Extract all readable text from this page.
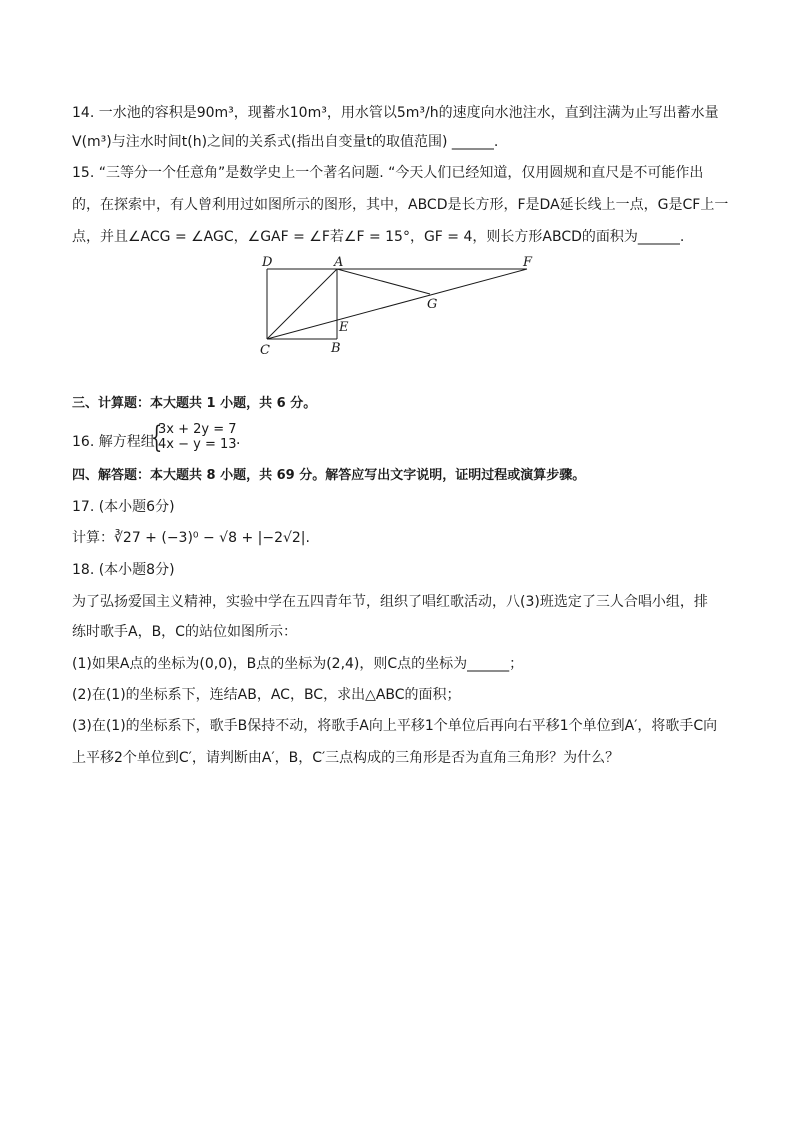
14. 一水池的容积是90m³，现蓄水10m³，用水管以5m³/h的速度向水池注水，直到注满为止写出蓄水量
V(m³)与注水时间t(h)之间的关系式(指出自变量t的取值范围) ______.
15. “三等分一个任意角”是数学史上一个著名问题. “今天人们已经知道，仅用圆规和直尺是不可能作出
的，在探索中，有人曾利用过如图所示的图形，其中，ABCD是长方形，F是DA延长线上一点，G是CF上一
点，并且∠ACG = ∠AGC，∠GAF = ∠F若∠F = 15°，GF = 4，则长方形ABCD的面积为______.
D	A	F
G
E
C	B
三、计算题：本大题共 1 小题，共 6 分。
16. 解方程组
{
3x + 2y = 7
4x − y = 13 .
四、解答题：本大题共 8 小题，共 69 分。解答应写出文字说明，证明过程或演算步骤。
17. (本小题6分)
计算：∛27 + (−3)⁰ − √8 + |−2√2|.
18. (本小题8分)
为了弘扬爱国主义精神，实验中学在五四青年节，组织了唱红歌活动，八(3)班选定了三人合唱小组，排
练时歌手A，B，C的站位如图所示：
(1)如果A点的坐标为(0,0)，B点的坐标为(2,4)，则C点的坐标为______；
(2)在(1)的坐标系下，连结AB，AC，BC，求出△ABC的面积；
(3)在(1)的坐标系下，歌手B保持不动，将歌手A向上平移1个单位后再向右平移1个单位到A′，将歌手C向
上平移2个单位到C′，请判断由A′，B，C′三点构成的三角形是否为直角三角形？为什么？
